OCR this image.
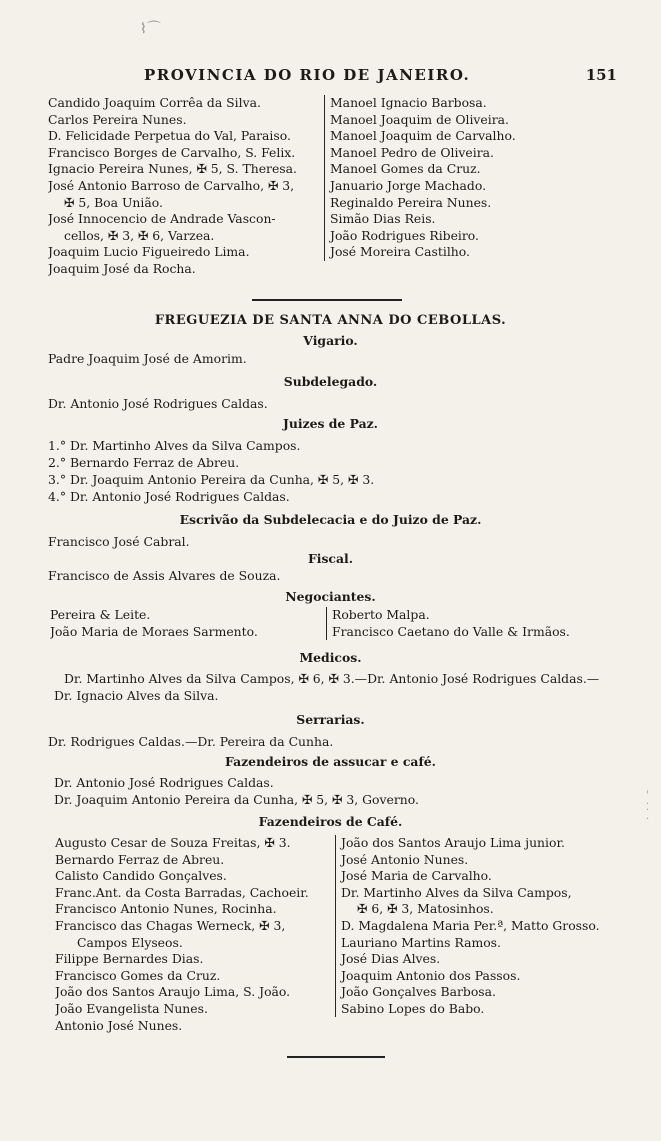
⌇⌒
PROVINCIA DO RIO DE JANEIRO.	151
Candido Joaquim Corrêa da Silva.
Carlos Pereira Nunes.
D. Felicidade Perpetua do Val, Paraiso.
Francisco Borges de Carvalho, S. Felix.
Ignacio Pereira Nunes, ✠ 5, S. Theresa.
José Antonio Barroso de Carvalho, ✠ 3,
✠ 5, Boa União.
José Innocencio de Andrade Vascon-
cellos, ✠ 3, ✠ 6, Varzea.
Joaquim Lucio Figueiredo Lima.
Joaquim José da Rocha.
Manoel Ignacio Barbosa.
Manoel Joaquim de Oliveira.
Manoel Joaquim de Carvalho.
Manoel Pedro de Oliveira.
Manoel Gomes da Cruz.
Januario Jorge Machado.
Reginaldo Pereira Nunes.
Simão Dias Reis.
João Rodrigues Ribeiro.
José Moreira Castilho.
FREGUEZIA DE SANTA ANNA DO CEBOLLAS.
Vigario.
Padre Joaquim José de Amorim.
Subdelegado.
Dr. Antonio José Rodrigues Caldas.
Juizes de Paz.
1.° Dr. Martinho Alves da Silva Campos.
2.° Bernardo Ferraz de Abreu.
3.° Dr. Joaquim Antonio Pereira da Cunha, ✠ 5, ✠ 3.
4.° Dr. Antonio José Rodrigues Caldas.
Escrivão da Subdelecacia e do Juizo de Paz.
Francisco José Cabral.
Fiscal.
Francisco de Assis Alvares de Souza.
Negociantes.
Pereira & Leite.
João Maria de Moraes Sarmento.
Roberto Malpa.
Francisco Caetano do Valle & Irmãos.
Medicos.
Dr. Martinho Alves da Silva Campos, ✠ 6, ✠ 3.—Dr. Antonio José Rodrigues Caldas.—Dr. Ignacio Alves da Silva.
Serrarias.
Dr. Rodrigues Caldas.—Dr. Pereira da Cunha.
Fazendeiros de assucar e café.
Dr. Antonio José Rodrigues Caldas.
Dr. Joaquim Antonio Pereira da Cunha, ✠ 5, ✠ 3, Governo.
Fazendeiros de Café.
Augusto Cesar de Souza Freitas, ✠ 3.
Bernardo Ferraz de Abreu.
Calisto Candido Gonçalves.
Franc.Ant. da Costa Barradas, Cachoeir.
Francisco Antonio Nunes, Rocinha.
Francisco das Chagas Werneck, ✠ 3,
Campos Elyseos.
Filippe Bernardes Dias.
Francisco Gomes da Cruz.
João dos Santos Araujo Lima, S. João.
João Evangelista Nunes.
Antonio José Nunes.
João dos Santos Araujo Lima junior.
José Antonio Nunes.
José Maria de Carvalho.
Dr. Martinho Alves da Silva Campos,
✠ 6, ✠ 3, Matosinhos.
D. Magdalena Maria Per.ª, Matto Grosso.
Lauriano Martins Ramos.
José Dias Alves.
Joaquim Antonio dos Passos.
João Gonçalves Barbosa.
Sabino Lopes do Babo.
'
⁚
·
